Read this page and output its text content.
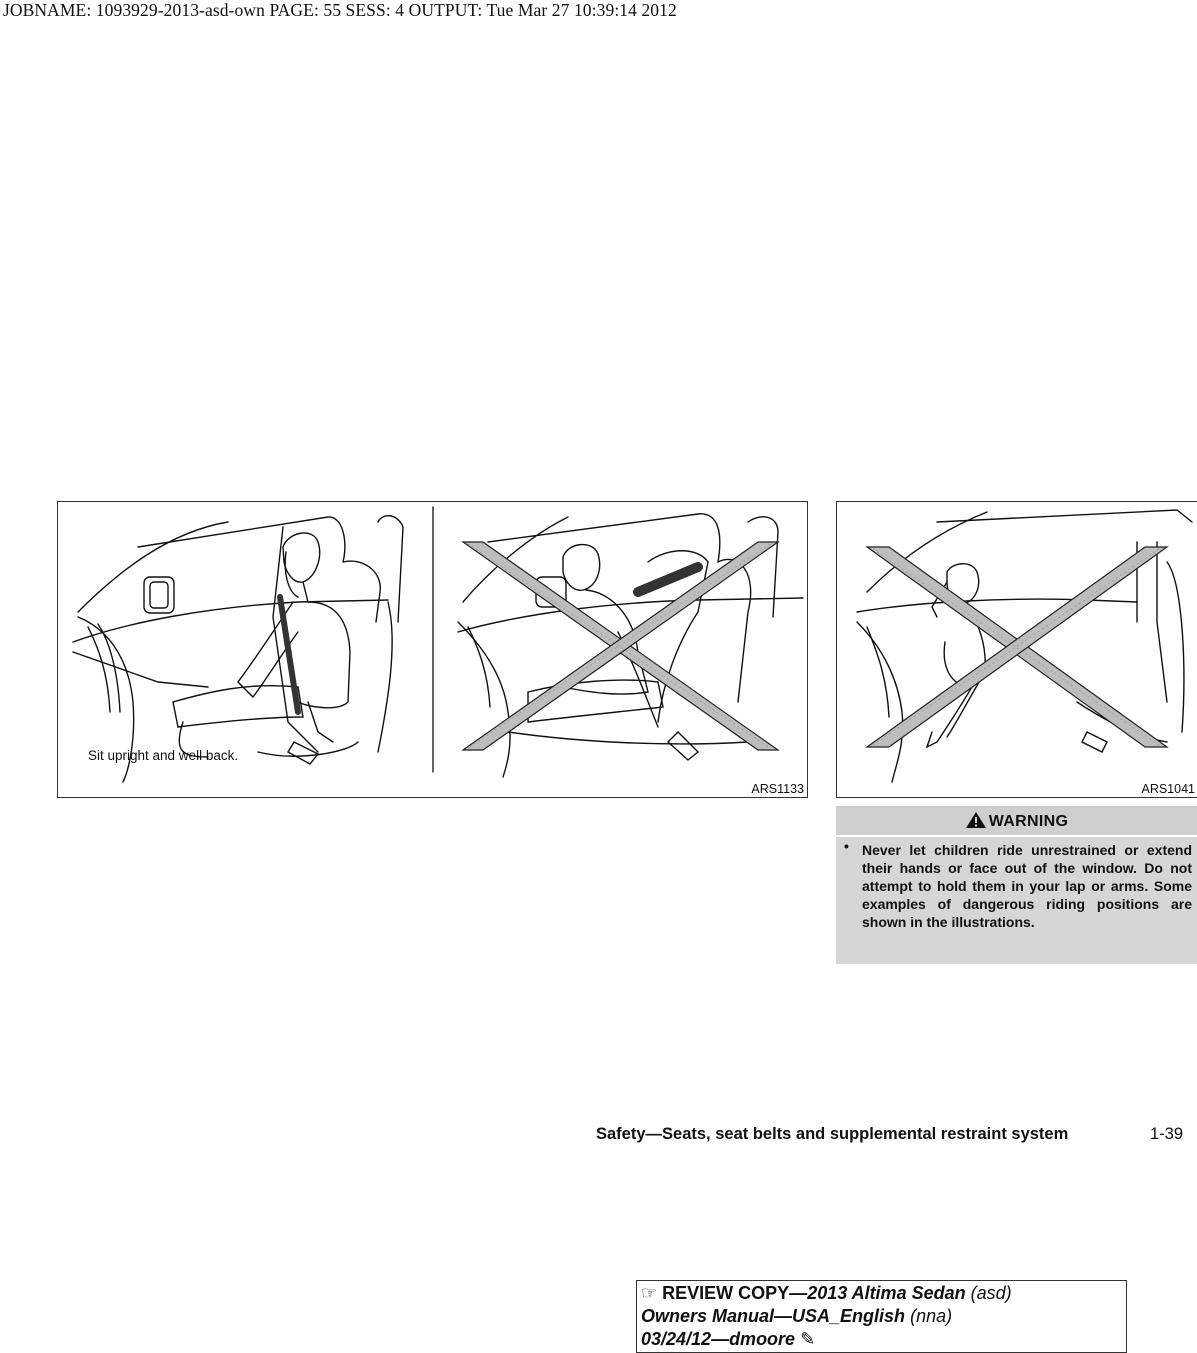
JOBNAME: 1093929-2013-asd-own PAGE: 55 SESS: 4 OUTPUT: Tue Mar 27 10:39:14 2012
Sit upright and well back.
ARS1133	ARS1041
WARNING
• Never let children ride unrestrained or extend their hands or face out of the window. Do not attempt to hold them in your lap or arms. Some examples of dangerous riding positions are shown in the illustrations.
Safety—Seats, seat belts and supplemental restraint system	1-39
☞ REVIEW COPY—2013 Altima Sedan (asd)
Owners Manual—USA_English (nna)
03/24/12—dmoore ✎
